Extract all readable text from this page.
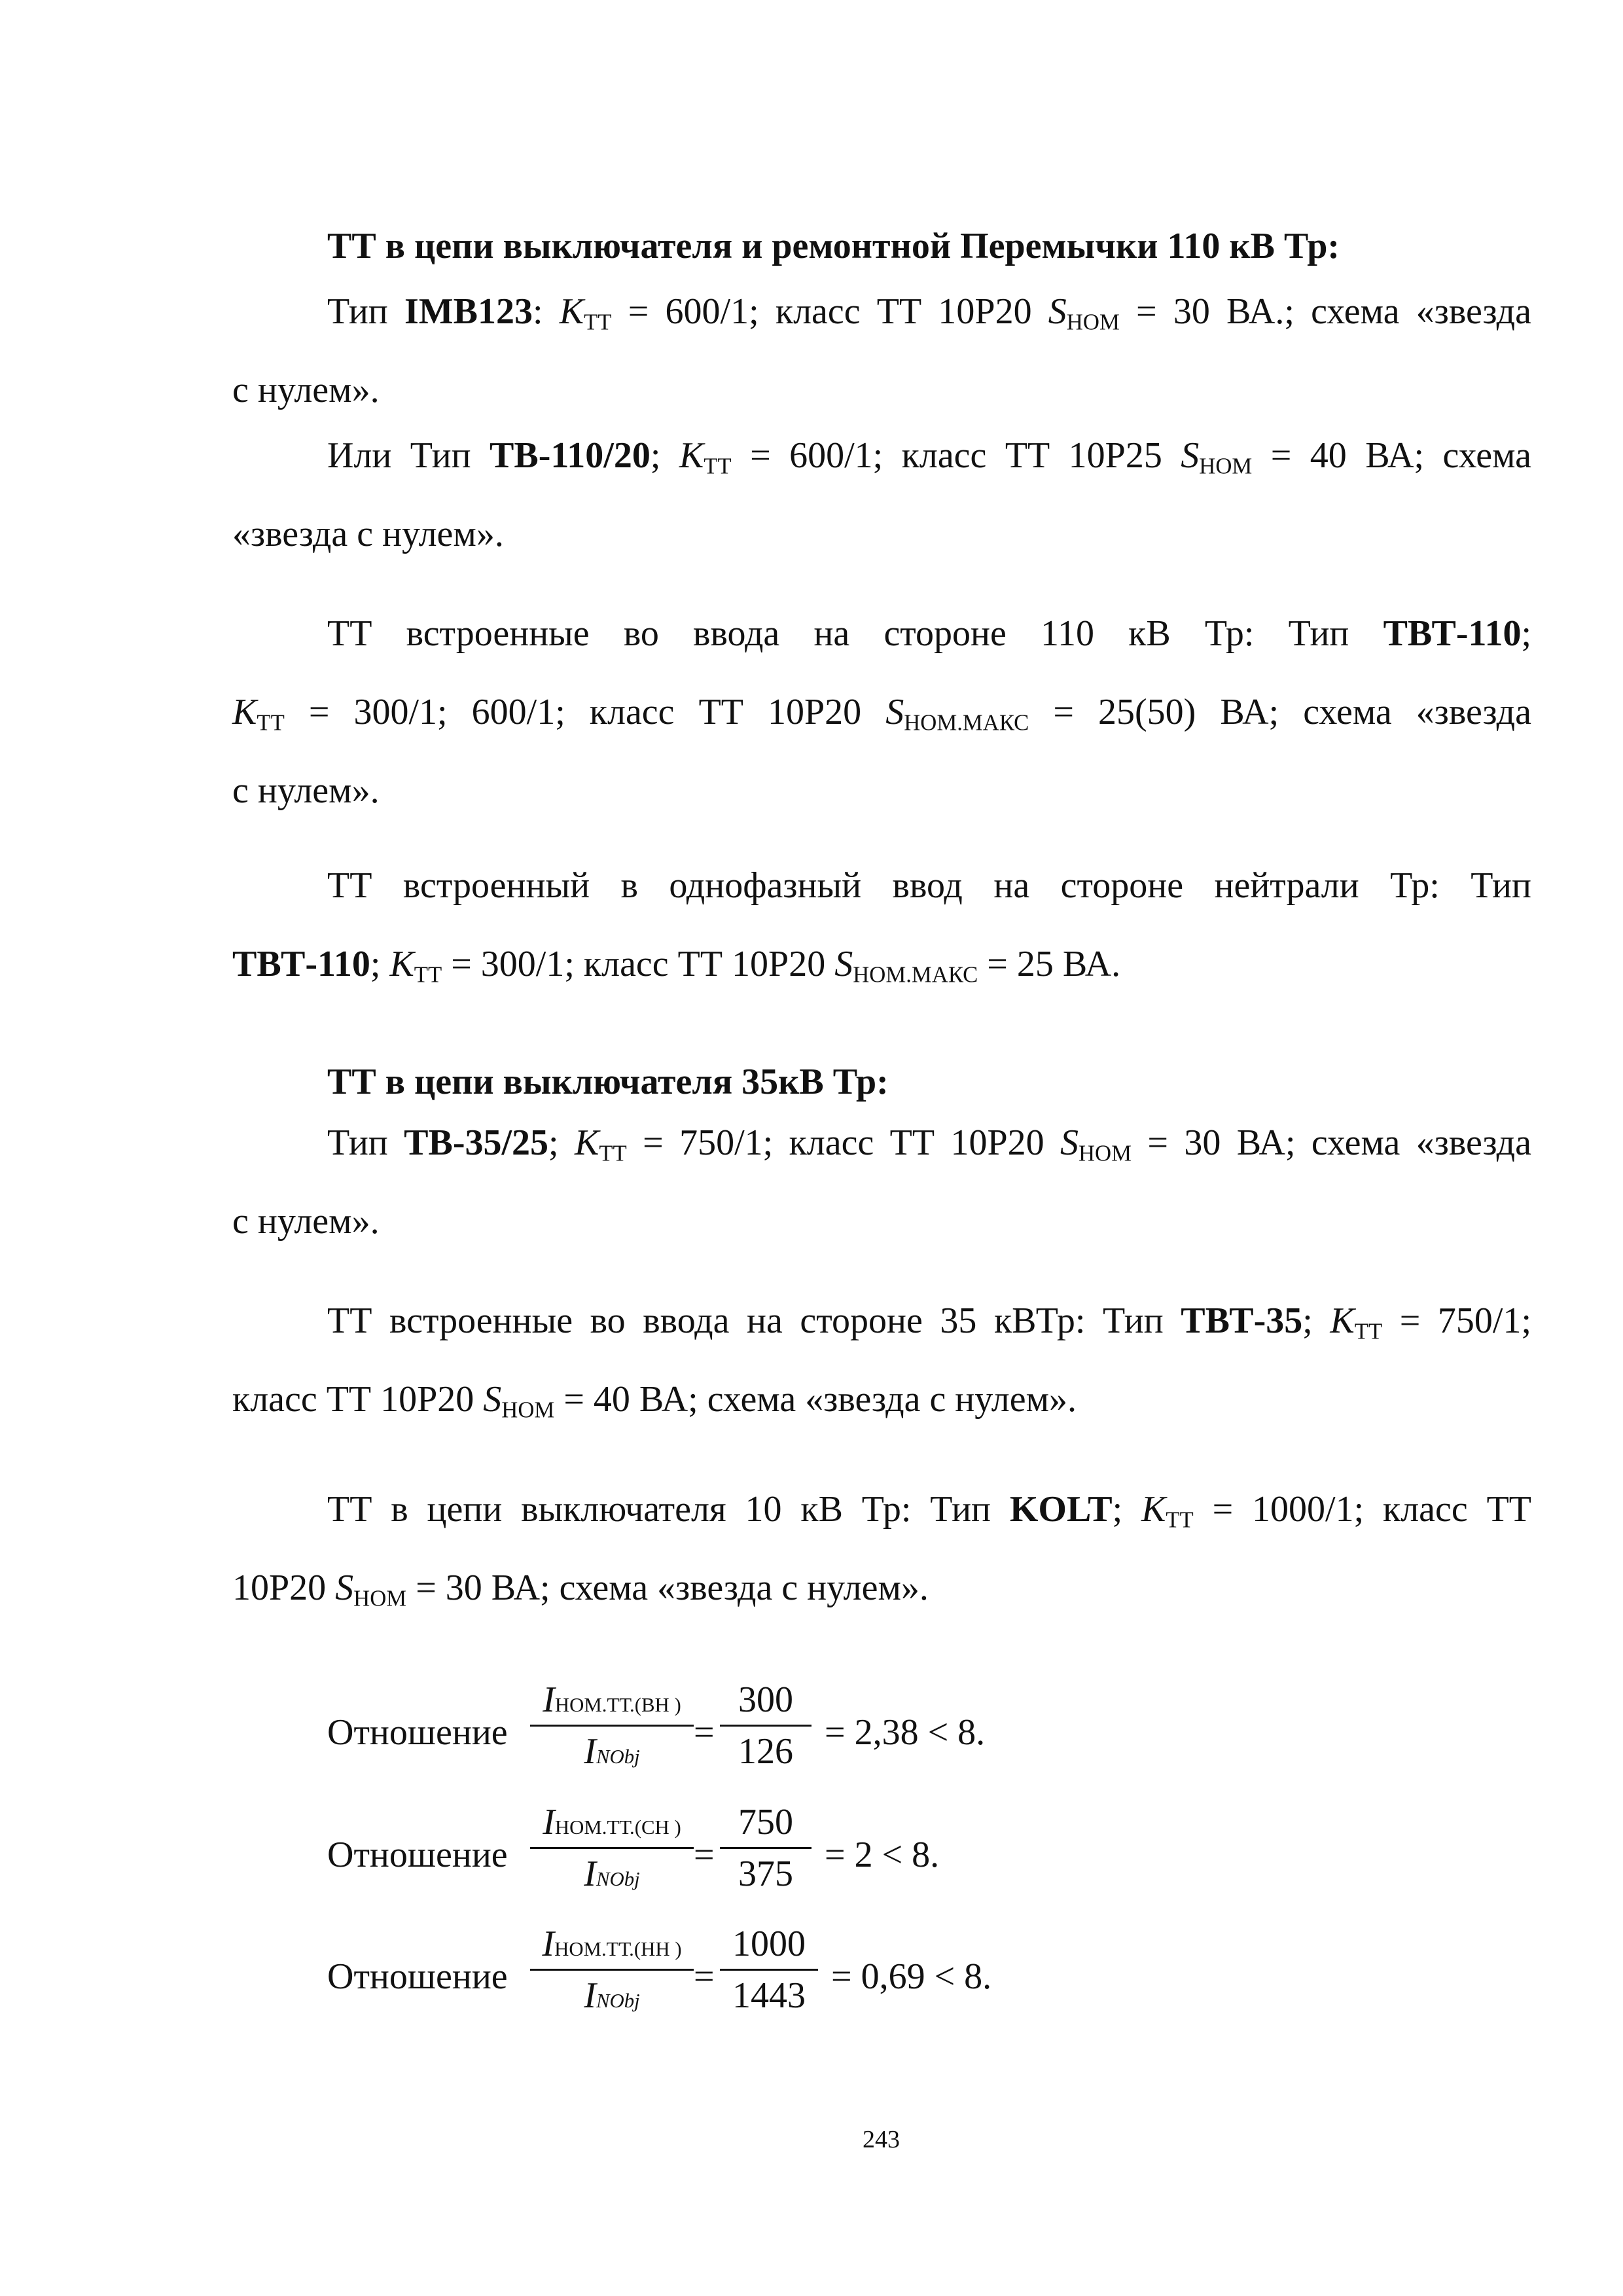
ТТ в цепи выключателя и ремонтной Перемычки 110 кВ Тр:
Тип IMB123: $K_{ТТ} = 600/1$; класс ТТ 10Р20 $S_{НОМ} = 30$ ВА.; схема «звезда
с нулем».
Или Тип ТВ-110/20; $K_{ТТ} = 600/1$; класс ТТ 10Р25 $S_{НОМ} = 40$ ВА; схема
«звезда с нулем».
ТТ встроенные во ввода на стороне 110 кВ Тр: Тип ТВТ-110;
$K_{ТТ} = 300/1$; 600/1; класс ТТ 10Р20 $S_{НОМ.МАКС} = 25(50)$ ВА; схема «звезда
с нулем».
ТТ встроенный в однофазный ввод на стороне нейтрали Тр: Тип
ТВТ-110; $K_{ТТ} = 300/1$; класс ТТ 10Р20 $S_{НОМ.МАКС} = 25$ ВА.
ТТ в цепи выключателя 35кВ Тр:
Тип ТВ-35/25; $K_{ТТ} = 750/1$; класс ТТ 10Р20 $S_{НОМ} = 30$ ВА; схема «звезда
с нулем».
ТТ встроенные во ввода на стороне 35 кВТр: Тип ТВТ-35; $K_{ТТ} = 750/1$;
класс ТТ 10Р20 $S_{НОМ} = 40$ ВА; схема «звезда с нулем».
ТТ в цепи выключателя 10 кВ Тр: Тип KOLT; $K_{ТТ} = 1000/1$; класс ТТ
10Р20 $S_{НОМ} = 30$ ВА; схема «звезда с нулем».
Отношение
IНОМ.ТТ.(ВН )
INObj
=
300
126 = 2,38 < 8.
Отношение
IНОМ.ТТ.(СН )
INObj
=
750
375 = 2 < 8.
Отношение
IНОМ.ТТ.(НН )
INObj
=
1000
1443 = 0,69 < 8.
243
